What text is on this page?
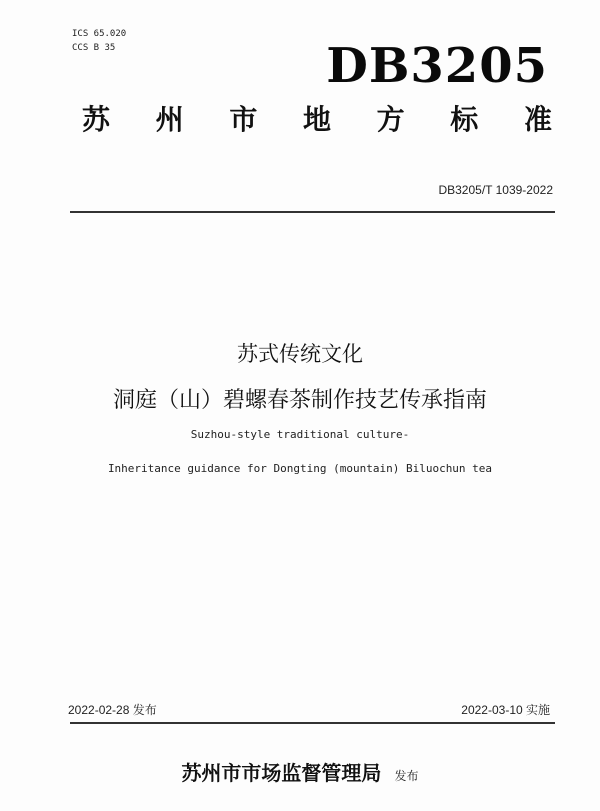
ICS 65.020
CCS B 35	DB3205
苏 州 市 地 方 标 准
DB3205/T 1039-2022
苏式传统文化
洞庭（山）碧螺春茶制作技艺传承指南
Suzhou-style traditional culture-
Inheritance guidance for Dongting (mountain) Biluochun tea
2022-02-28 发布	2022-03-10 实施
苏州市市场监督管理局 发布
